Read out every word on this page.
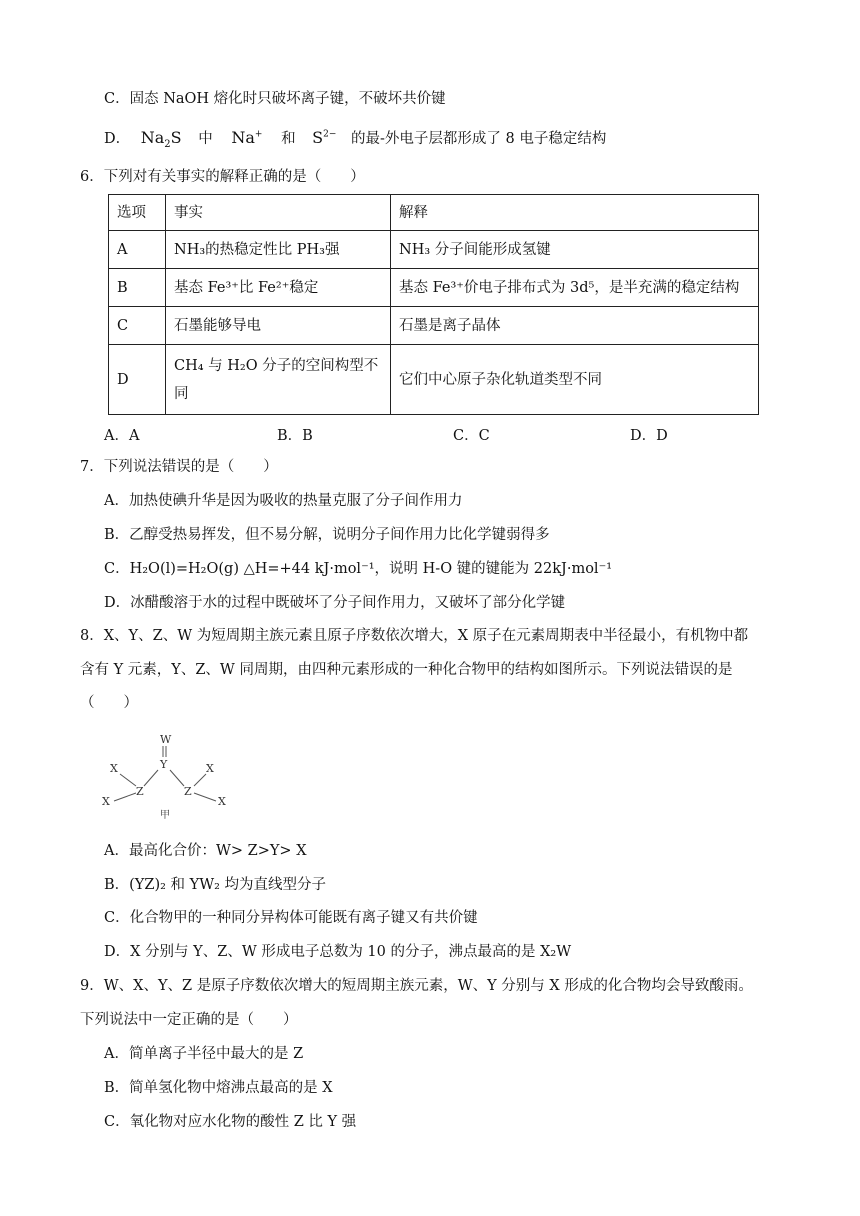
C．固态 NaOH 熔化时只破坏离子键，不破坏共价键
D． $Na_2S$ 中 Na+ 和 $S^{2-}$ 的最-外电子层都形成了 8 电子稳定结构
6．下列对有关事实的解释正确的是（　　）
选项	事实	解释
A	NH₃的热稳定性比 PH₃强	NH₃ 分子间能形成氢键
B	基态 Fe³⁺比 Fe²⁺稳定	基态 Fe³⁺价电子排布式为 3d⁵，是半充满的稳定结构
C	石墨能够导电	石墨是离子晶体
D	CH₄ 与 H₂O 分子的空间构型不同	它们中心原子杂化轨道类型不同
A．A	B．B	C．C	D．D
7．下列说法错误的是（　　）
A．加热使碘升华是因为吸收的热量克服了分子间作用力
B．乙醇受热易挥发，但不易分解，说明分子间作用力比化学键弱得多
C．H₂O(l)=H₂O(g) △H=+44 kJ·mol⁻¹，说明 H-O 键的键能为 22kJ·mol⁻¹
D．冰醋酸溶于水的过程中既破坏了分子间作用力，又破坏了部分化学键
8．X、Y、Z、W 为短周期主族元素且原子序数依次增大，X 原子在元素周期表中半径最小，有机物中都
含有 Y 元素，Y、Z、W 同周期，由四种元素形成的一种化合物甲的结构如图所示。下列说法错误的是
（　　）
W
Y
Z	Z
X
X
X
X
甲
A．最高化合价：W> Z>Y> X
B．(YZ)₂ 和 YW₂ 均为直线型分子
C．化合物甲的一种同分异构体可能既有离子键又有共价键
D．X 分别与 Y、Z、W 形成电子总数为 10 的分子，沸点最高的是 X₂W
9．W、X、Y、Z 是原子序数依次增大的短周期主族元素，W、Y 分别与 X 形成的化合物均会导致酸雨。
下列说法中一定正确的是（　　）
A．简单离子半径中最大的是 Z
B．简单氢化物中熔沸点最高的是 X
C．氧化物对应水化物的酸性 Z 比 Y 强
